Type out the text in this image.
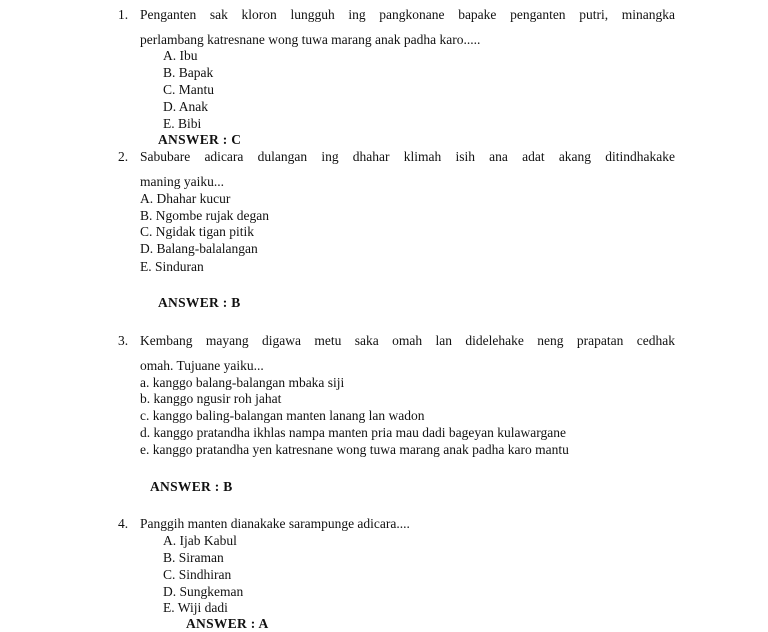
1. Penganten sak kloron lungguh ing pangkonane bapake penganten putri, minangka
perlambang katresnane wong tuwa marang anak padha karo.....
A. Ibu
B. Bapak
C. Mantu
D. Anak
E. Bibi
ANSWER : C
2. Sabubare adicara dulangan ing dhahar klimah isih ana adat akang ditindhakake
maning yaiku...
A. Dhahar kucur
B. Ngombe rujak degan
C. Ngidak tigan pitik
D. Balang-balalangan
E. Sinduran
ANSWER : B
3. Kembang mayang digawa metu saka omah lan didelehake neng prapatan cedhak
omah. Tujuane yaiku...
a. kanggo balang-balangan mbaka siji
b. kanggo ngusir roh jahat
c. kanggo baling-balangan manten lanang lan wadon
d. kanggo pratandha ikhlas nampa manten pria mau dadi bageyan kulawargane
e. kanggo pratandha yen katresnane wong tuwa marang anak padha karo mantu
ANSWER : B
4. Panggih manten dianakake sarampunge adicara....
A. Ijab Kabul
B. Siraman
C. Sindhiran
D. Sungkeman
E. Wiji dadi
ANSWER : A
